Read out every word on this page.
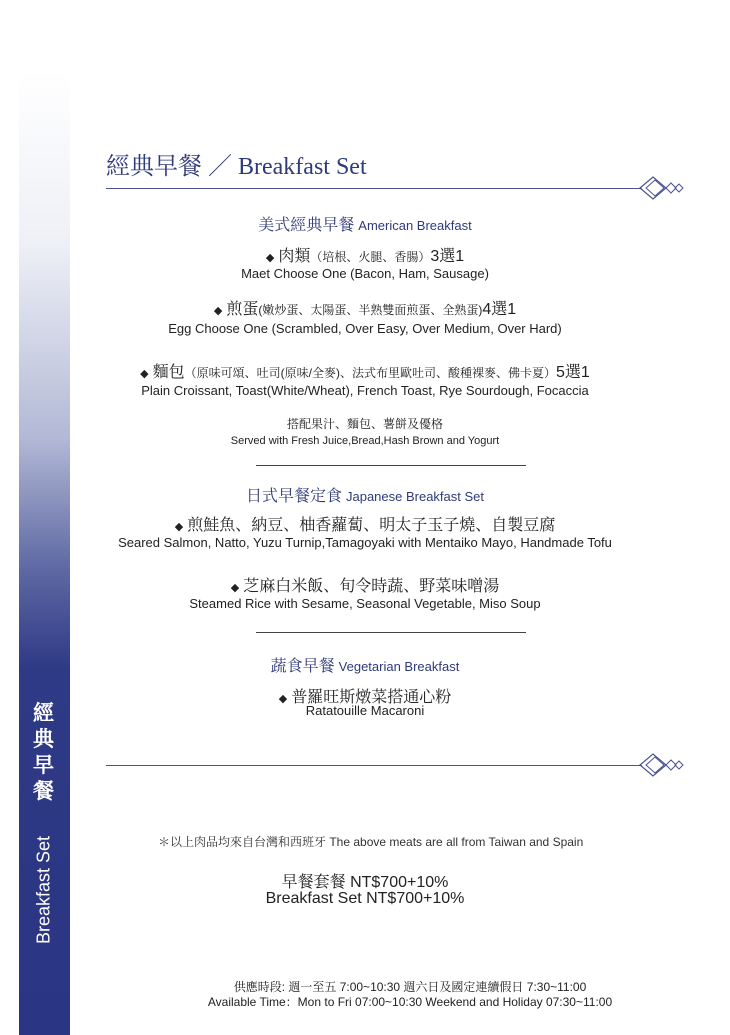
經
典
早
餐
Breakfast Set
經典早餐 ／ Breakfast Set
美式經典早餐 American Breakfast
◆ 肉類（培根、火腿、香腸）3選1
Maet Choose One (Bacon, Ham, Sausage)
◆ 煎蛋(嫩炒蛋、太陽蛋、半熟雙面煎蛋、全熟蛋)4選1
Egg Choose One (Scrambled, Over Easy, Over Medium, Over Hard)
◆ 麵包（原味可頌、吐司(原味/全麥)、法式布里歐吐司、酸種裸麥、佛卡夏）5選1
Plain Croissant, Toast(White/Wheat), French Toast, Rye Sourdough, Focaccia
搭配果汁、麵包、薯餅及優格
Served with Fresh Juice,Bread,Hash Brown and Yogurt
日式早餐定食 Japanese Breakfast Set
◆ 煎鮭魚、納豆、柚香蘿蔔、明太子玉子燒、自製豆腐
Seared Salmon, Natto, Yuzu Turnip,Tamagoyaki with Mentaiko Mayo, Handmade Tofu
◆ 芝麻白米飯、旬令時蔬、野菜味噌湯
Steamed Rice with Sesame, Seasonal Vegetable, Miso Soup
蔬食早餐 Vegetarian Breakfast
◆ 普羅旺斯燉菜搭通心粉
Ratatouille Macaroni
＊以上肉品均來自台灣和西班牙 The above meats are all from Taiwan and Spain
早餐套餐 NT$700+10%
Breakfast Set NT$700+10%
供應時段: 週一至五 7:00~10:30 週六日及國定連續假日 7:30~11:00
Available Time：Mon to Fri 07:00~10:30 Weekend and Holiday 07:30~11:00
